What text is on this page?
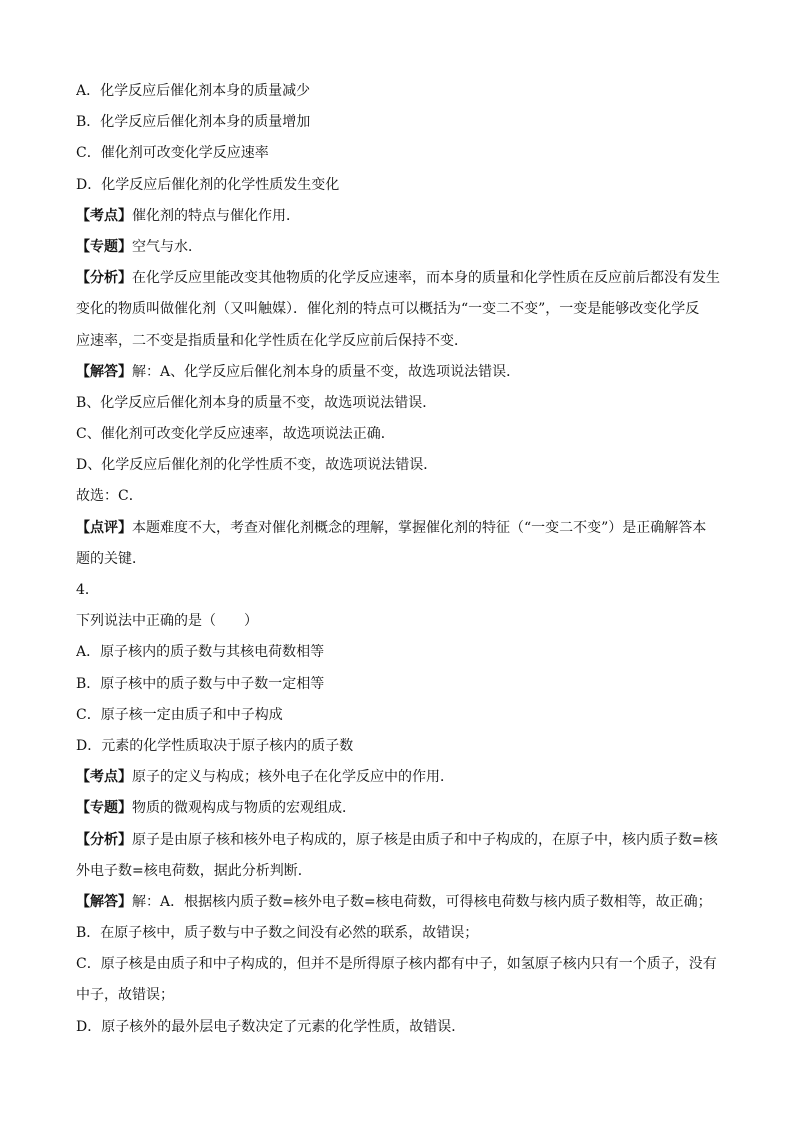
A．化学反应后催化剂本身的质量减少
B．化学反应后催化剂本身的质量增加
C．催化剂可改变化学反应速率
D．化学反应后催化剂的化学性质发生变化
【考点】催化剂的特点与催化作用．
【专题】空气与水．
【分析】在化学反应里能改变其他物质的化学反应速率，而本身的质量和化学性质在反应前后都没有发生
变化的物质叫做催化剂（又叫触媒）．催化剂的特点可以概括为“一变二不变”，一变是能够改变化学反
应速率，二不变是指质量和化学性质在化学反应前后保持不变．
【解答】解：A、化学反应后催化剂本身的质量不变，故选项说法错误．
B、化学反应后催化剂本身的质量不变，故选项说法错误．
C、催化剂可改变化学反应速率，故选项说法正确．
D、化学反应后催化剂的化学性质不变，故选项说法错误．
故选：C．
【点评】本题难度不大，考查对催化剂概念的理解，掌握催化剂的特征（“一变二不变”）是正确解答本
题的关键．
4．
下列说法中正确的是（　　）
A．原子核内的质子数与其核电荷数相等
B．原子核中的质子数与中子数一定相等
C．原子核一定由质子和中子构成
D．元素的化学性质取决于原子核内的质子数
【考点】原子的定义与构成；核外电子在化学反应中的作用．
【专题】物质的微观构成与物质的宏观组成．
【分析】原子是由原子核和核外电子构成的，原子核是由质子和中子构成的，在原子中，核内质子数=核
外电子数=核电荷数，据此分析判断．
【解答】解：A．根据核内质子数=核外电子数=核电荷数，可得核电荷数与核内质子数相等，故正确；
B．在原子核中，质子数与中子数之间没有必然的联系，故错误；
C．原子核是由质子和中子构成的，但并不是所得原子核内都有中子，如氢原子核内只有一个质子，没有
中子，故错误；
D．原子核外的最外层电子数决定了元素的化学性质，故错误．
